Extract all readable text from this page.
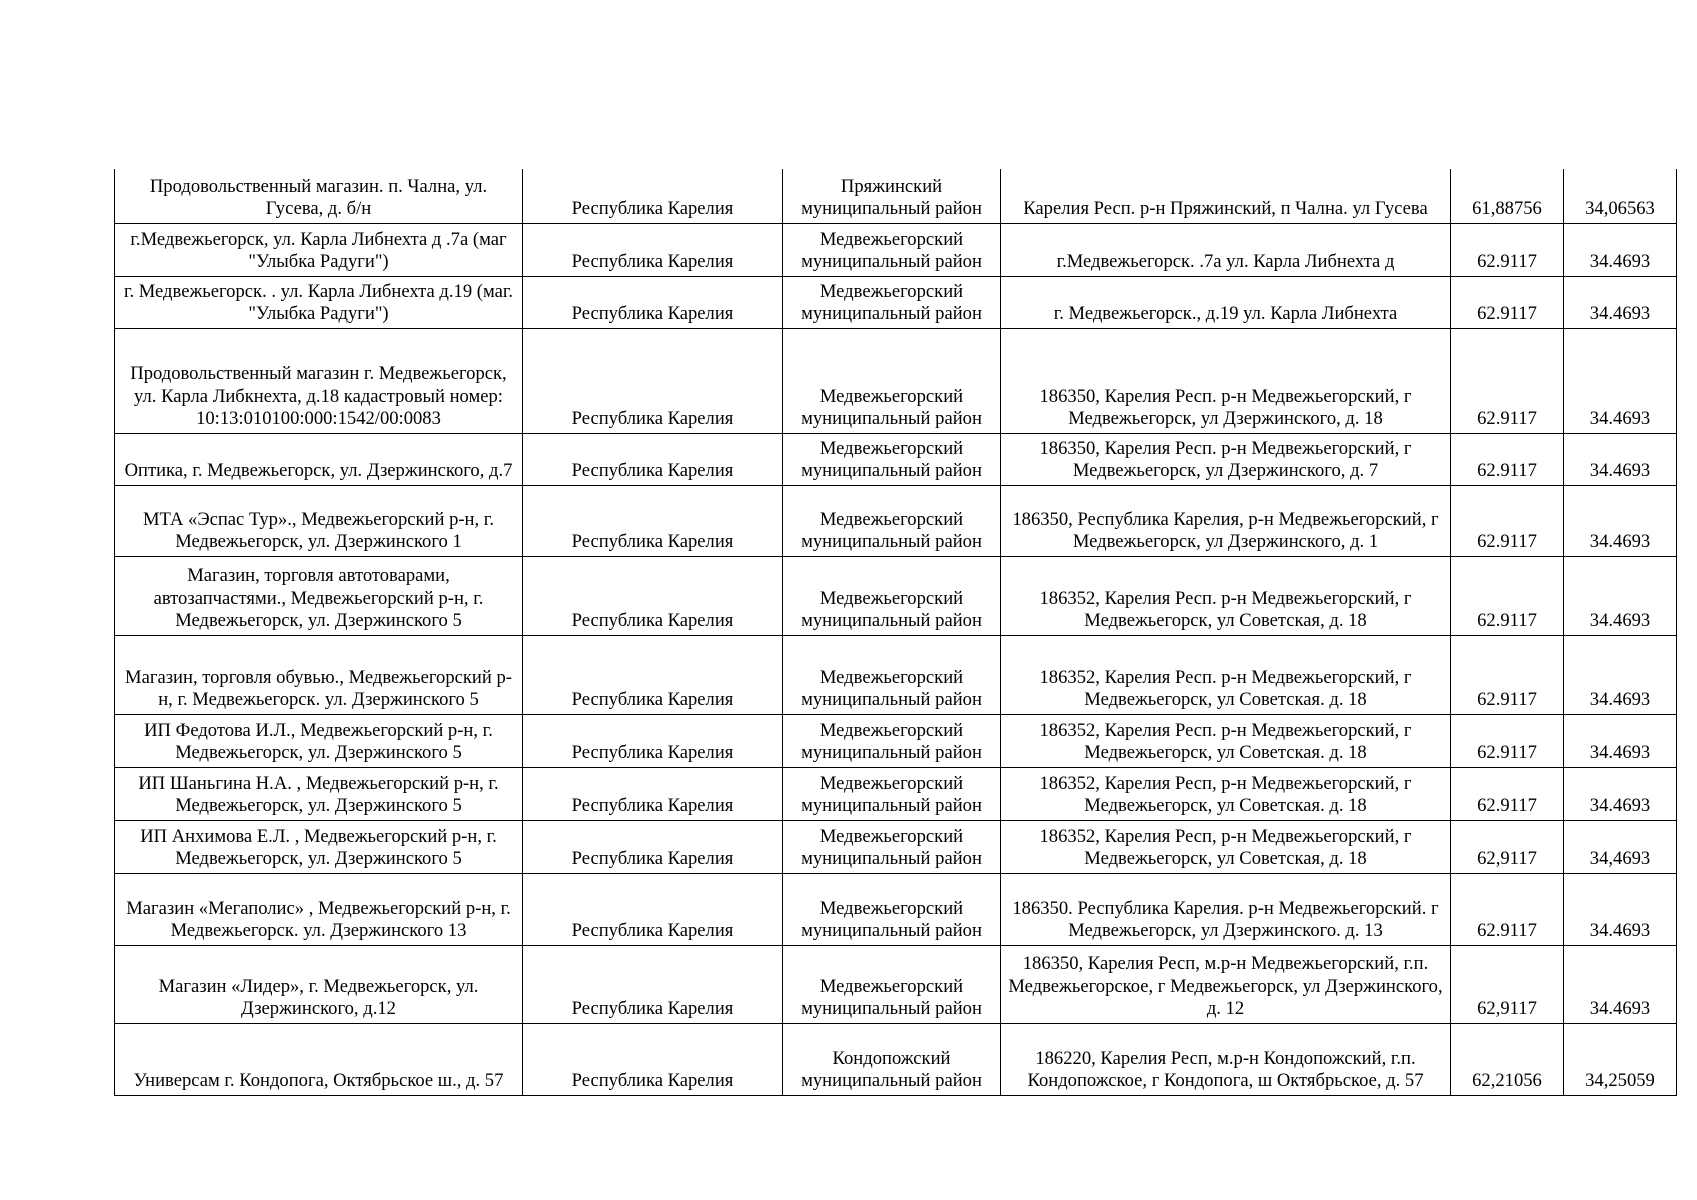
Продовольственный магазин. п. Чална, ул. Гусева, д. б/н	Республика Карелия	Пряжинский муниципальный район	Карелия Респ. р-н Пряжинский, п Чална. ул Гусева	61,88756	34,06563
г.Медвежьегорск, ул. Карла Либнехта д .7а (маг "Улыбка Радуги")	Республика Карелия	Медвежьегорский муниципальный район	г.Медвежьегорск. .7а ул. Карла Либнехта д	62.9117	34.4693
г. Медвежьегорск. . ул. Карла Либнехта д.19 (маг. "Улыбка Радуги")	Республика Карелия	Медвежьегорский муниципальный район	г. Медвежьегорск., д.19 ул. Карла Либнехта	62.9117	34.4693
Продовольственный магазин г. Медвежьегорск, ул. Карла Либкнехта, д.18 кадастровый номер: 10:13:010100:000:1542/00:0083	Республика Карелия	Медвежьегорский муниципальный район	186350, Карелия Респ. р-н Медвежьегорский, г Медвежьегорск, ул Дзержинского, д. 18	62.9117	34.4693
Оптика, г. Медвежьегорск, ул. Дзержинского, д.7	Республика Карелия	Медвежьегорский муниципальный район	186350, Карелия Респ. р-н Медвежьегорский, г Медвежьегорск, ул Дзержинского, д. 7	62.9117	34.4693
МТА «Эспас Тур»., Медвежьегорский р-н, г. Медвежьегорск, ул. Дзержинского 1	Республика Карелия	Медвежьегорский муниципальный район	186350, Республика Карелия, р-н Медвежьегорский, г Медвежьегорск, ул Дзержинского, д. 1	62.9117	34.4693
Магазин, торговля автотоварами, автозапчастями., Медвежьегорский р-н, г. Медвежьегорск, ул. Дзержинского 5	Республика Карелия	Медвежьегорский муниципальный район	186352, Карелия Респ. р-н Медвежьегорский, г Медвежьегорск, ул Советская, д. 18	62.9117	34.4693
Магазин, торговля обувью., Медвежьегорский р-н, г. Медвежьегорск. ул. Дзержинского 5	Республика Карелия	Медвежьегорский муниципальный район	186352, Карелия Респ. р-н Медвежьегорский, г Медвежьегорск, ул Советская. д. 18	62.9117	34.4693
ИП Федотова И.Л., Медвежьегорский р-н, г. Медвежьегорск, ул. Дзержинского 5	Республика Карелия	Медвежьегорский муниципальный район	186352, Карелия Респ. р-н Медвежьегорский, г Медвежьегорск, ул Советская. д. 18	62.9117	34.4693
ИП Шаньгина Н.А. , Медвежьегорский р-н, г. Медвежьегорск, ул. Дзержинского 5	Республика Карелия	Медвежьегорский муниципальный район	186352, Карелия Респ, р-н Медвежьегорский, г Медвежьегорск, ул Советская. д. 18	62.9117	34.4693
ИП Анхимова Е.Л. , Медвежьегорский р-н, г. Медвежьегорск, ул. Дзержинского 5	Республика Карелия	Медвежьегорский муниципальный район	186352, Карелия Респ, р-н Медвежьегорский, г Медвежьегорск, ул Советская, д. 18	62,9117	34,4693
Магазин «Мегаполис» , Медвежьегорский р-н, г. Медвежьегорск. ул. Дзержинского 13	Республика Карелия	Медвежьегорский муниципальный район	186350. Республика Карелия. р-н Медвежьегорский. г Медвежьегорск, ул Дзержинского. д. 13	62.9117	34.4693
Магазин «Лидер», г. Медвежьегорск, ул. Дзержинского, д.12	Республика Карелия	Медвежьегорский муниципальный район	186350, Карелия Респ, м.р-н Медвежьегорский, г.п. Медвежьегорское, г Медвежьегорск, ул Дзержинского, д. 12	62,9117	34.4693
Универсам г. Кондопога, Октябрьское ш., д. 57	Республика Карелия	Кондопожский муниципальный район	186220, Карелия Респ, м.р-н Кондопожский, г.п. Кондопожское, г Кондопога, ш Октябрьское, д. 57	62,21056	34,25059
